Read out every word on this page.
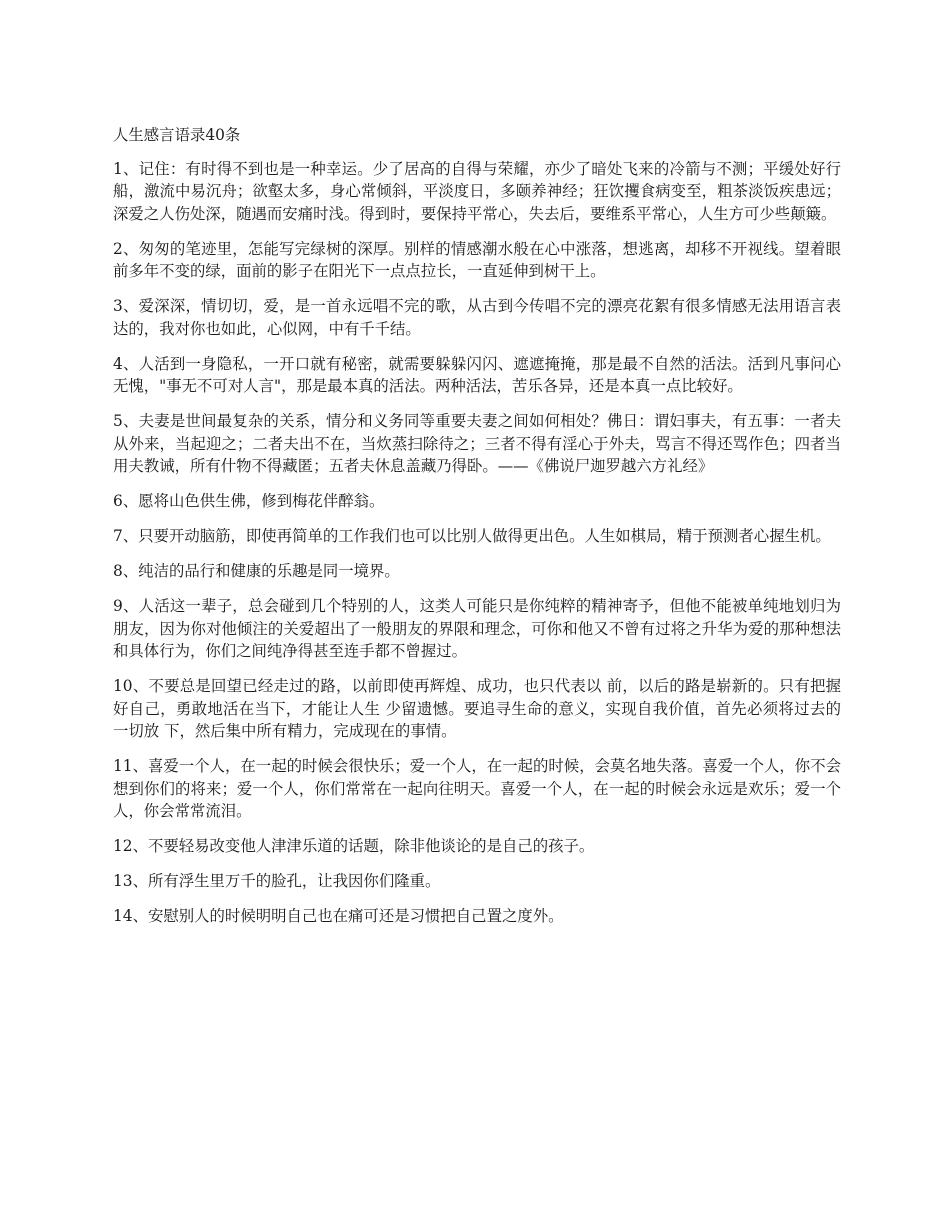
人生感言语录40条

1、记住：有时得不到也是一种幸运。少了居高的自得与荣耀，亦少了暗处飞来的冷箭与不测；平缓处好行船，激流中易沉舟；欲壑太多，身心常倾斜，平淡度日，多颐养神经；狂饮攫食病变至，粗茶淡饭疾患远；深爱之人伤处深，随遇而安痛时浅。得到时，要保持平常心，失去后，要维系平常心，人生方可少些颠簸。

2、匆匆的笔迹里，怎能写完绿树的深厚。别样的情感潮水般在心中涨落，想逃离，却移不开视线。望着眼前多年不变的绿，面前的影子在阳光下一点点拉长，一直延伸到树干上。

3、爱深深，情切切，爱，是一首永远唱不完的歌，从古到今传唱不完的漂亮花絮有很多情感无法用语言表达的，我对你也如此，心似网，中有千千结。

4、人活到一身隐私，一开口就有秘密，就需要躲躲闪闪、遮遮掩掩，那是最不自然的活法。活到凡事问心无愧，"事无不可对人言"，那是最本真的活法。两种活法，苦乐各异，还是本真一点比较好。

5、夫妻是世间最复杂的关系，情分和义务同等重要夫妻之间如何相处？佛日：谓妇事夫，有五事：一者夫从外来，当起迎之；二者夫出不在，当炊蒸扫除待之；三者不得有淫心于外夫，骂言不得还骂作色；四者当用夫教诫，所有什物不得藏匿；五者夫休息盖藏乃得卧。——《佛说尸迦罗越六方礼经》

6、愿将山色供生佛，修到梅花伴醉翁。

7、只要开动脑筋，即使再简单的工作我们也可以比别人做得更出色。人生如棋局，精于预测者心握生机。

8、纯洁的品行和健康的乐趣是同一境界。

9、人活这一辈子，总会碰到几个特别的人，这类人可能只是你纯粹的精神寄予，但他不能被单纯地划归为朋友，因为你对他倾注的关爱超出了一般朋友的界限和理念，可你和他又不曾有过将之升华为爱的那种想法和具体行为，你们之间纯净得甚至连手都不曾握过。

10、不要总是回望已经走过的路，以前即使再辉煌、成功，也只代表以 前，以后的路是崭新的。只有把握好自己，勇敢地活在当下，才能让人生 少留遗憾。要追寻生命的意义，实现自我价值，首先必须将过去的一切放 下，然后集中所有精力，完成现在的事情。

11、喜爱一个人，在一起的时候会很快乐；爱一个人，在一起的时候，会莫名地失落。喜爱一个人，你不会想到你们的将来；爱一个人，你们常常在一起向往明天。喜爱一个人，在一起的时候会永远是欢乐；爱一个人，你会常常流泪。

12、不要轻易改变他人津津乐道的话题，除非他谈论的是自己的孩子。

13、所有浮生里万千的脸孔，让我因你们隆重。

14、安慰别人的时候明明自己也在痛可还是习惯把自己置之度外。
